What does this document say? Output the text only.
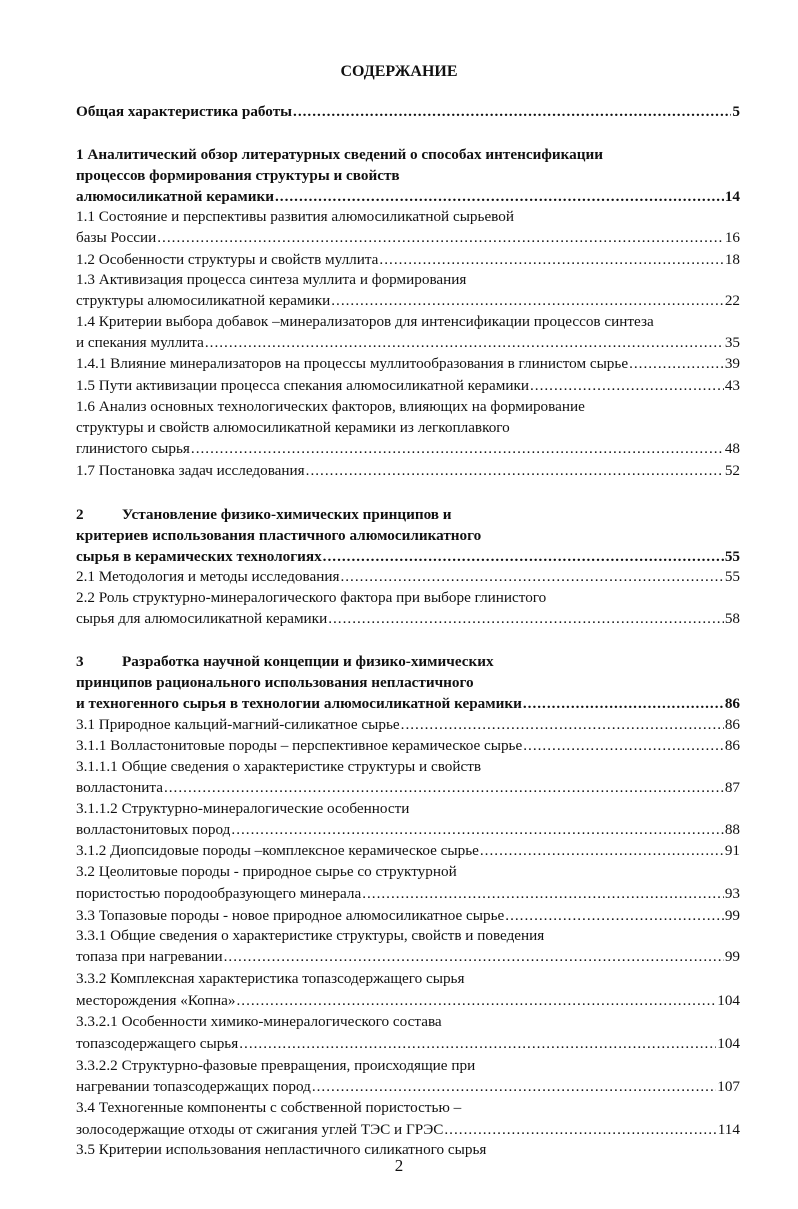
СОДЕРЖАНИЕ
Общая характеристика работы .....	5
1 Аналитический обзор литературных сведений о способах интенсификации
процессов формирования структуры и свойств
алюмосиликатной керамики .....	14
1.1 Состояние и перспективы развития алюмосиликатной сырьевой
базы России .....	16
1.2 Особенности структуры и свойств муллита .....	18
1.3 Активизация процесса синтеза муллита и формирования
структуры алюмосиликатной керамики .....	22
1.4 Критерии выбора добавок –минерализаторов для интенсификации процессов синтеза
и спекания муллита .....	35
1.4.1 Влияние минерализаторов на процессы муллитообразования в глинистом сырье .....	39
1.5 Пути активизации процесса спекания алюмосиликатной керамики .....	43
1.6 Анализ основных технологических факторов, влияющих на формирование
структуры и свойств алюмосиликатной керамики из легкоплавкого
глинистого сырья .....	48
1.7 Постановка задач исследования .....	52
2	Установление физико-химических принципов и
критериев использования пластичного алюмосиликатного
сырья в керамических технологиях .....	55
2.1 Методология и методы исследования .....	55
2.2 Роль структурно-минералогического фактора при выборе глинистого
сырья для алюмосиликатной керамики .....	58
3	Разработка научной концепции и физико-химических
принципов рационального использования непластичного
и техногенного сырья в технологии алюмосиликатной керамики .....	86
3.1 Природное кальций-магний-силикатное сырье .....	86
3.1.1 Волластонитовые породы – перспективное керамическое сырье .....	86
3.1.1.1 Общие сведения о характеристике структуры и свойств
волластонита .....	87
3.1.1.2 Структурно-минералогические особенности
волластонитовых пород .....	88
3.1.2 Диопсидовые породы –комплексное керамическое сырье .....	91
3.2 Цеолитовые породы - природное сырье со структурной
пористостью породообразующего минерала .....	93
3.3 Топазовые породы - новое природное алюмосиликатное сырье .....	99
3.3.1 Общие сведения о характеристике структуры, свойств и поведения
топаза при нагревании .....	99
3.3.2 Комплексная характеристика топазсодержащего сырья
месторождения «Копна» .....	104
3.3.2.1 Особенности химико-минералогического состава
топазсодержащего сырья .....	104
3.3.2.2 Структурно-фазовые превращения, происходящие при
нагревании топазсодержащих пород .....	107
3.4 Техногенные компоненты с собственной пористостью –
золосодержащие отходы от сжигания углей ТЭС и ГРЭС .....	114
3.5 Критерии использования непластичного силикатного сырья
2
